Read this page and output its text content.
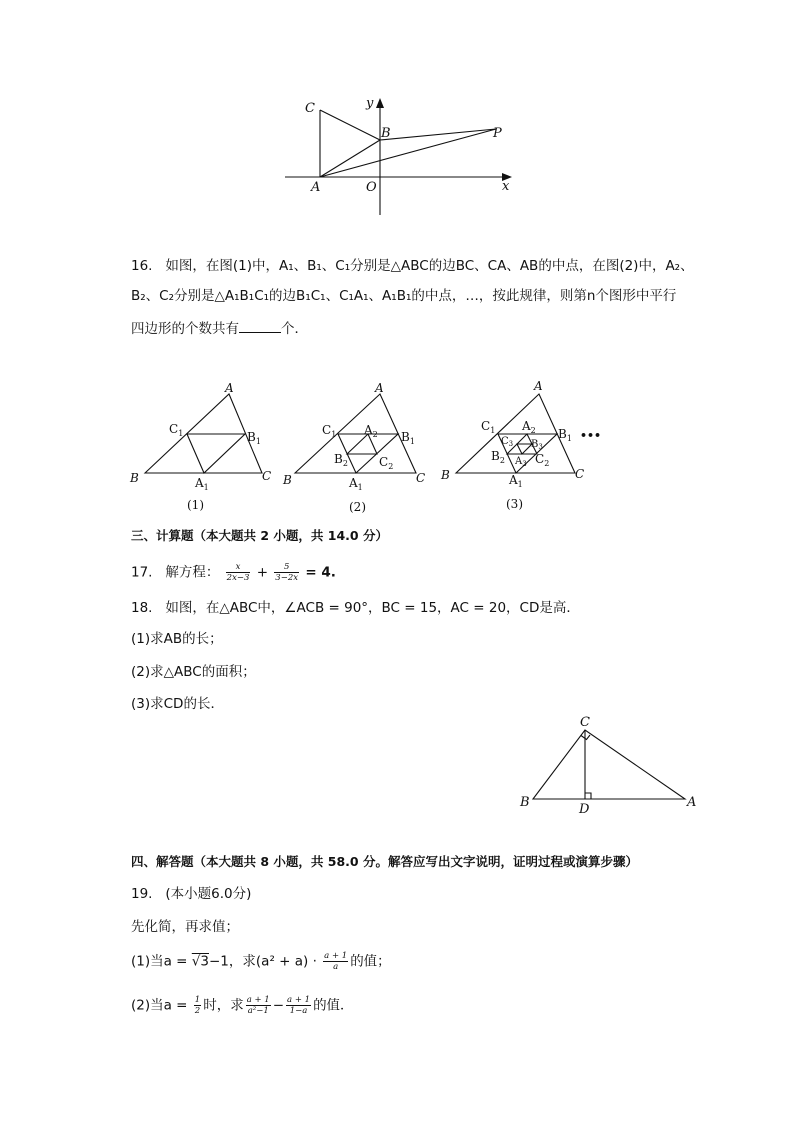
C	y
B	P
A	O	x
16. 如图，在图(1)中，A₁、B₁、C₁分别是△ABC的边BC、CA、AB的中点，在图(2)中，A₂、
B₂、C₂分别是△A₁B₁C₁的边B₁C₁、C₁A₁、A₁B₁的中点，…，按此规律，则第n个图形中平行
四边形的个数共有	个．
A
$C_1$	$B_1$
B	C
$A_1$
A
$C_1$	$B_1$
$A_2$
$B_2$	$C_2$
B	C
$A_1$
A
$C_1$	$B_1$
$A_2$
$C_3$ $B_3$
$B_2$ $A_3$ $C_2$
B	C
$A_1$
•••
(1)	(2)	(3)
三、计算题（本大题共 2 小题，共 14.0 分）
17. 解方程： $\frac{x}{2x-3} + \frac{5}{3-2x} = 4$.
18. 如图，在△ABC中，∠ACB = 90°，BC = 15，AC = 20，CD是高．
(1)求AB的长；
(2)求△ABC的面积；
(3)求CD的长．
C
B	D	A
四、解答题（本大题共 8 小题，共 58.0 分。解答应写出文字说明，证明过程或演算步骤）
19. (本小题6.0分)
先化简，再求值；
(1)当a = √3−1，求$(a^2 + a) \cdot \frac{a + 1}{a}$ 的值；
(2)当$a = \frac{1}{2}$ 时，求 $\frac{a + 1}{\text{a²−1}} - \frac{a + 1}{1-a}$ 的值．
